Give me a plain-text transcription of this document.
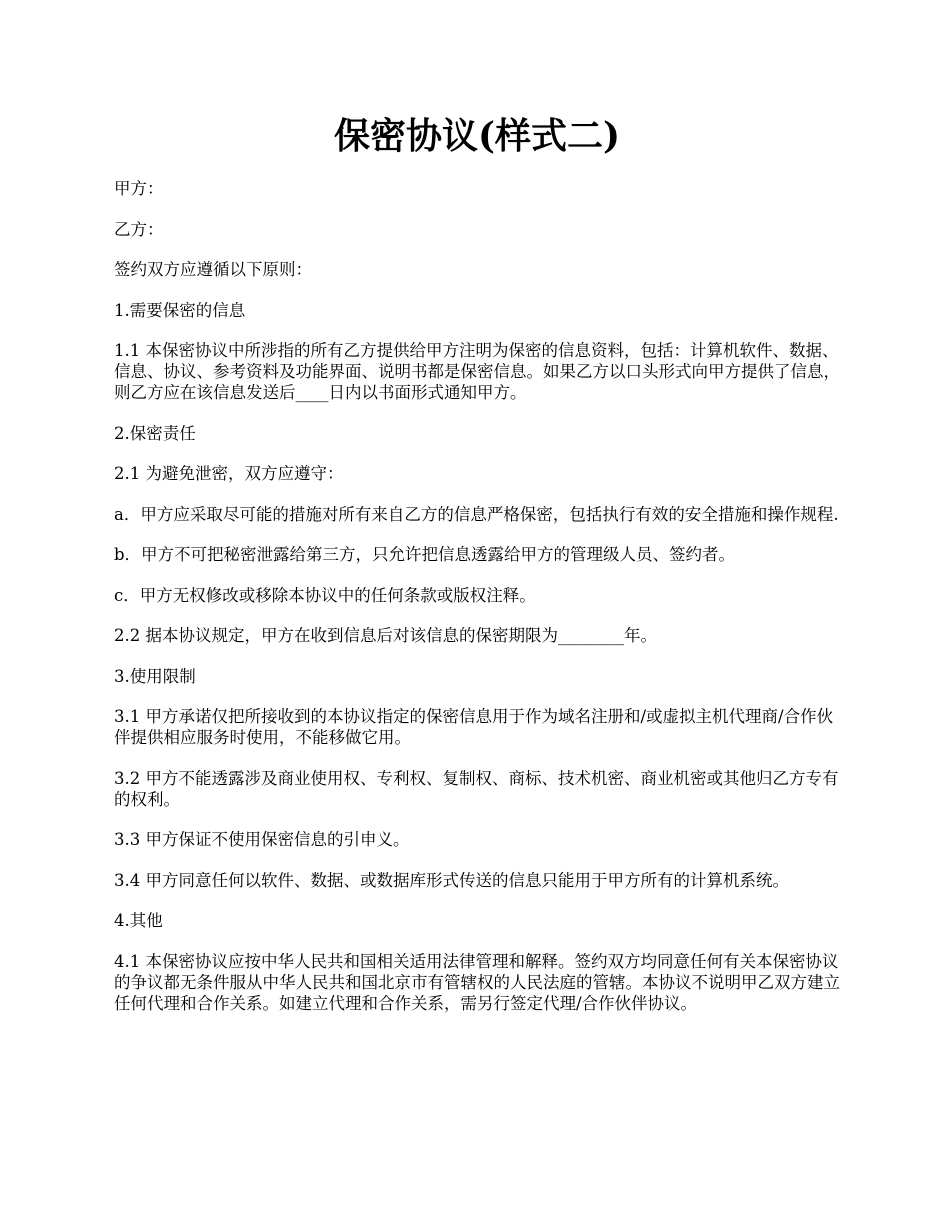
保密协议(样式二)

甲方：

乙方：

签约双方应遵循以下原则：

1.需要保密的信息

1.1 本保密协议中所涉指的所有乙方提供给甲方注明为保密的信息资料，包括：计算机软件、数据、信息、协议、参考资料及功能界面、说明书都是保密信息。如果乙方以口头形式向甲方提供了信息，则乙方应在该信息发送后____日内以书面形式通知甲方。

2.保密责任

2.1 为避免泄密，双方应遵守：

a．甲方应采取尽可能的措施对所有来自乙方的信息严格保密，包括执行有效的安全措施和操作规程.

b．甲方不可把秘密泄露给第三方，只允许把信息透露给甲方的管理级人员、签约者。

c．甲方无权修改或移除本协议中的任何条款或版权注释。

2.2 据本协议规定，甲方在收到信息后对该信息的保密期限为________年。

3.使用限制

3.1 甲方承诺仅把所接收到的本协议指定的保密信息用于作为域名注册和/或虚拟主机代理商/合作伙伴提供相应服务时使用，不能移做它用。

3.2 甲方不能透露涉及商业使用权、专利权、复制权、商标、技术机密、商业机密或其他归乙方专有的权利。

3.3 甲方保证不使用保密信息的引申义。

3.4 甲方同意任何以软件、数据、或数据库形式传送的信息只能用于甲方所有的计算机系统。

4.其他

4.1 本保密协议应按中华人民共和国相关适用法律管理和解释。签约双方均同意任何有关本保密协议的争议都无条件服从中华人民共和国北京市有管辖权的人民法庭的管辖。本协议不说明甲乙双方建立任何代理和合作关系。如建立代理和合作关系，需另行签定代理/合作伙伴协议。
